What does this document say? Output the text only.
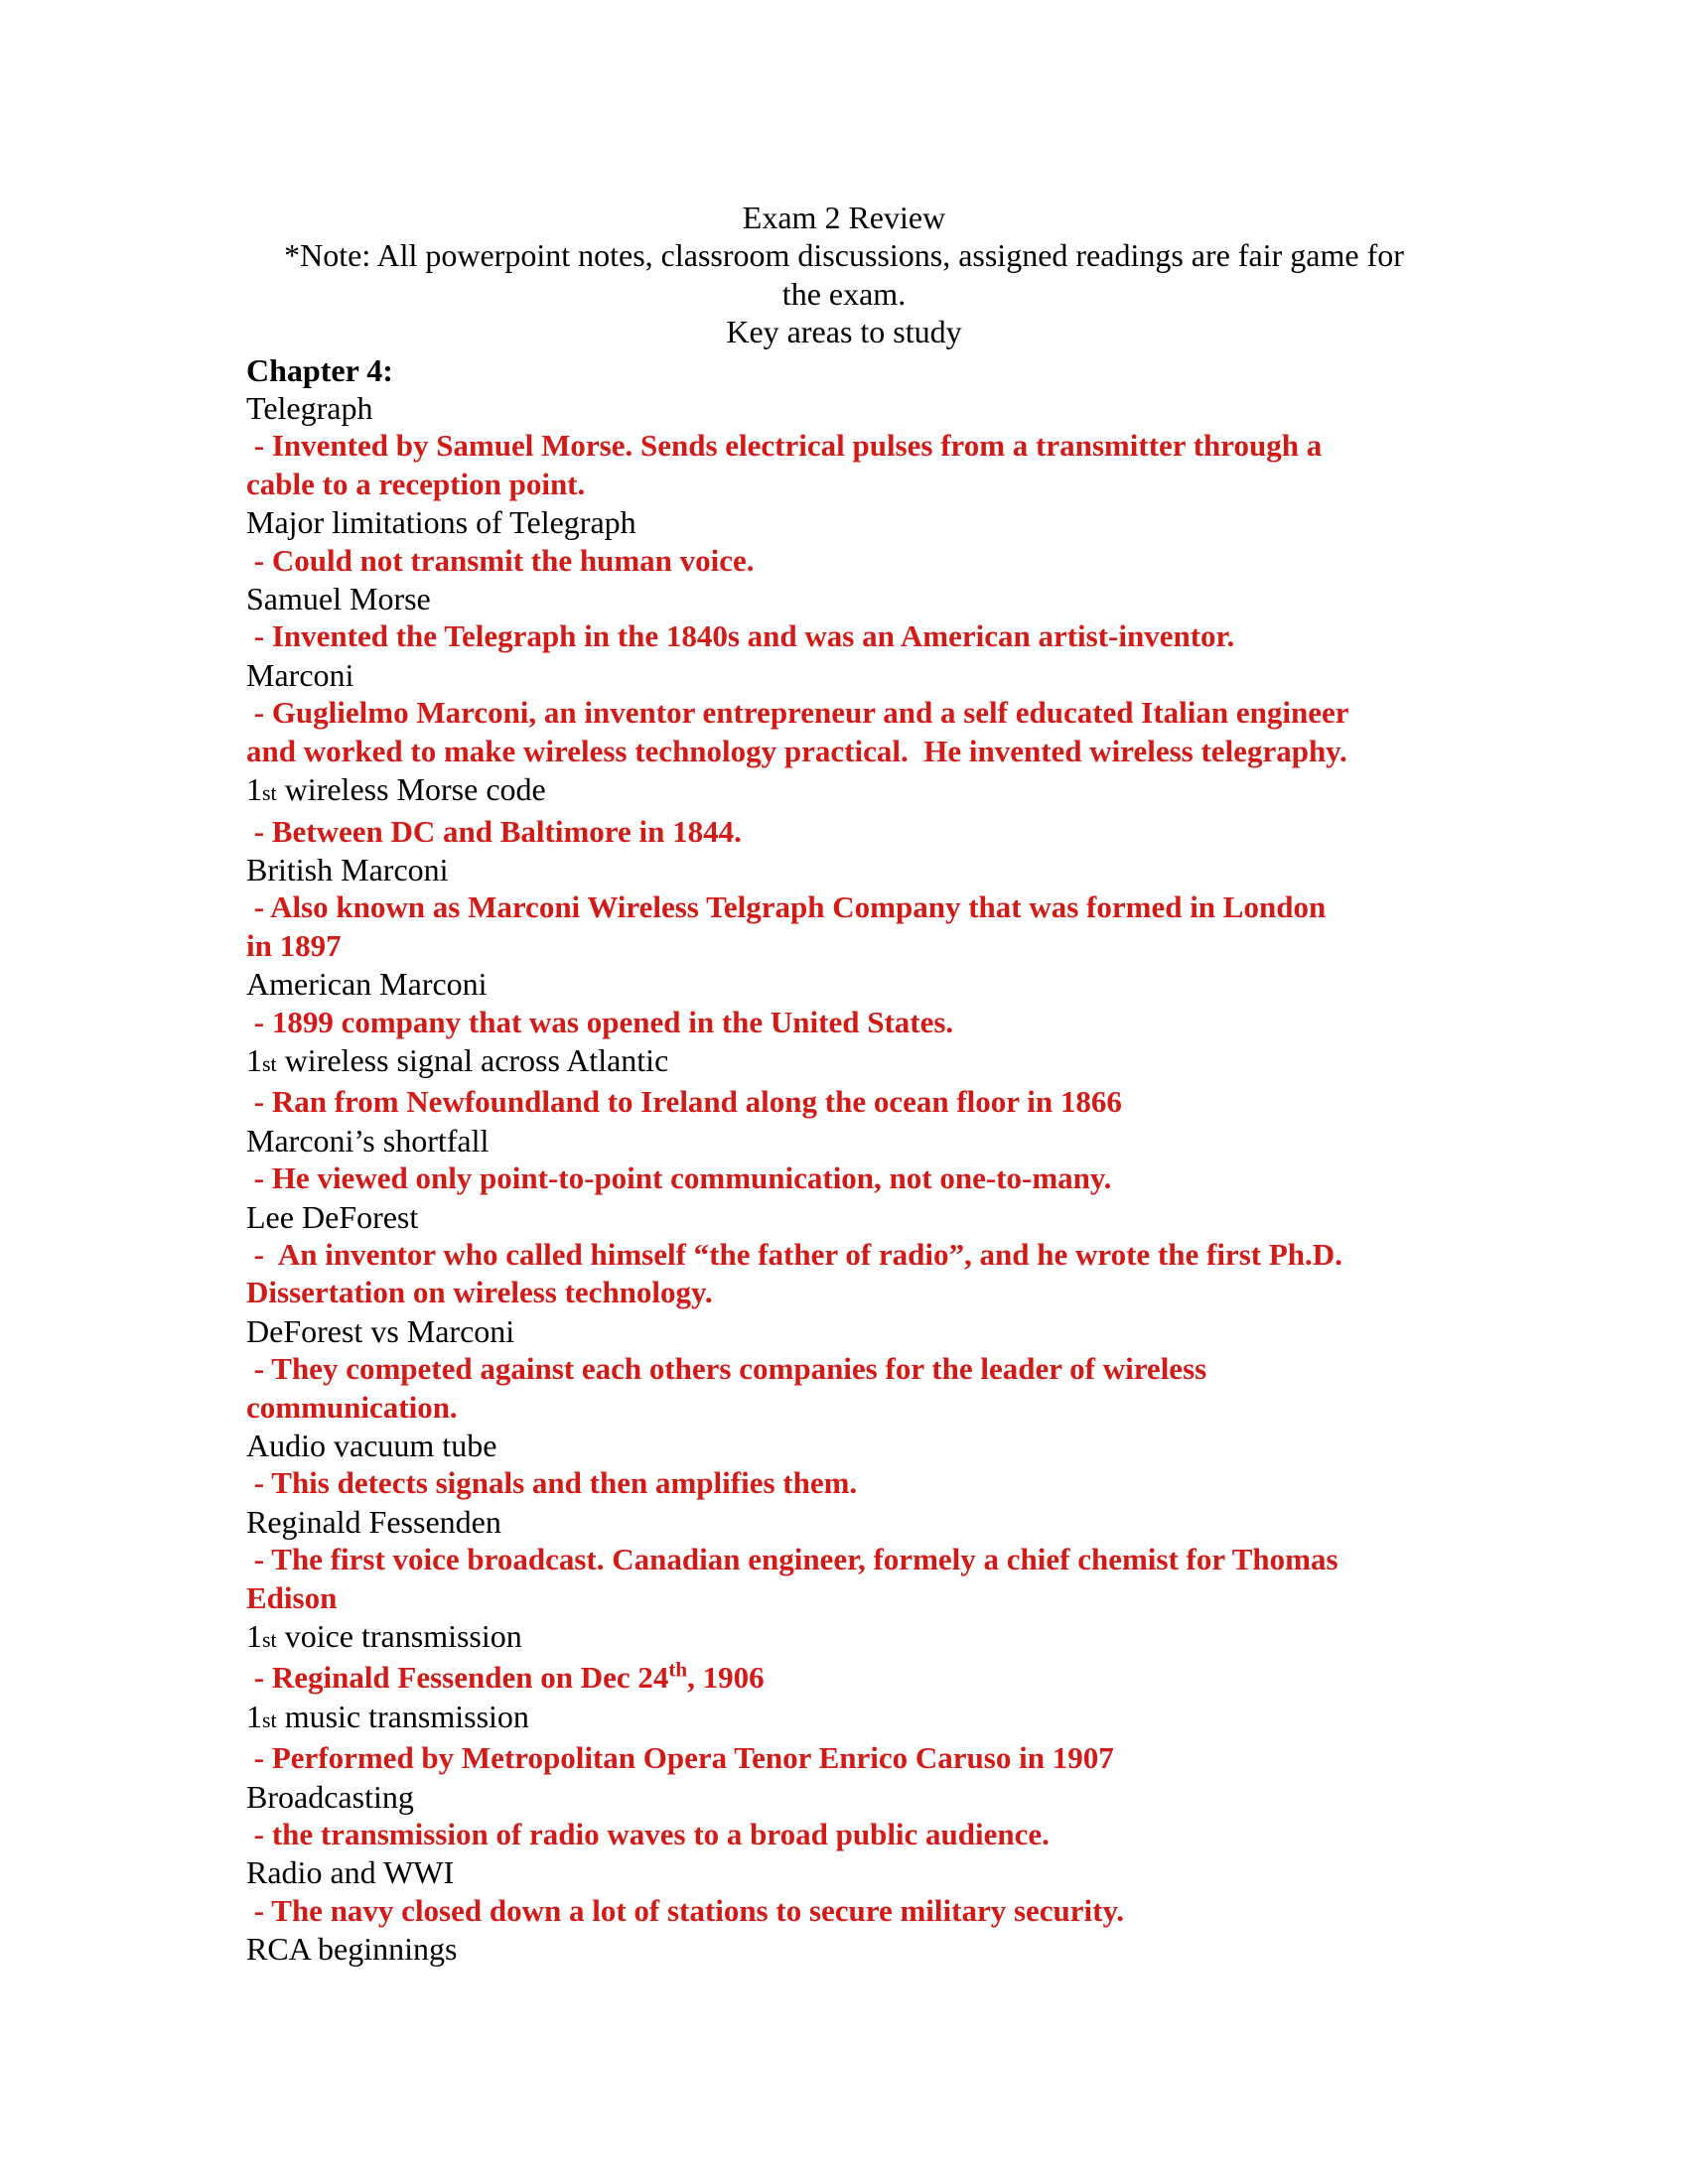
Exam 2 Review
*Note: All powerpoint notes, classroom discussions, assigned readings are fair game for
the exam.
Key areas to study
Chapter 4:
Telegraph
- Invented by Samuel Morse. Sends electrical pulses from a transmitter through a
cable to a reception point.
Major limitations of Telegraph
- Could not transmit the human voice.
Samuel Morse
- Invented the Telegraph in the 1840s and was an American artist-inventor.
Marconi
- Guglielmo Marconi, an inventor entrepreneur and a self educated Italian engineer
and worked to make wireless technology practical.  He invented wireless telegraphy.
1st wireless Morse code
- Between DC and Baltimore in 1844.
British Marconi
- Also known as Marconi Wireless Telgraph Company that was formed in London
in 1897
American Marconi
- 1899 company that was opened in the United States.
1st wireless signal across Atlantic
- Ran from Newfoundland to Ireland along the ocean floor in 1866
Marconi’s shortfall
- He viewed only point-to-point communication, not one-to-many.
Lee DeForest
-  An inventor who called himself “the father of radio”, and he wrote the first Ph.D.
Dissertation on wireless technology.
DeForest vs Marconi
- They competed against each others companies for the leader of wireless
communication.
Audio vacuum tube
- This detects signals and then amplifies them.
Reginald Fessenden
- The first voice broadcast. Canadian engineer, formely a chief chemist for Thomas
Edison
1st voice transmission
- Reginald Fessenden on Dec 24th, 1906
1st music transmission
- Performed by Metropolitan Opera Tenor Enrico Caruso in 1907
Broadcasting
- the transmission of radio waves to a broad public audience.
Radio and WWI
- The navy closed down a lot of stations to secure military security.
RCA beginnings
